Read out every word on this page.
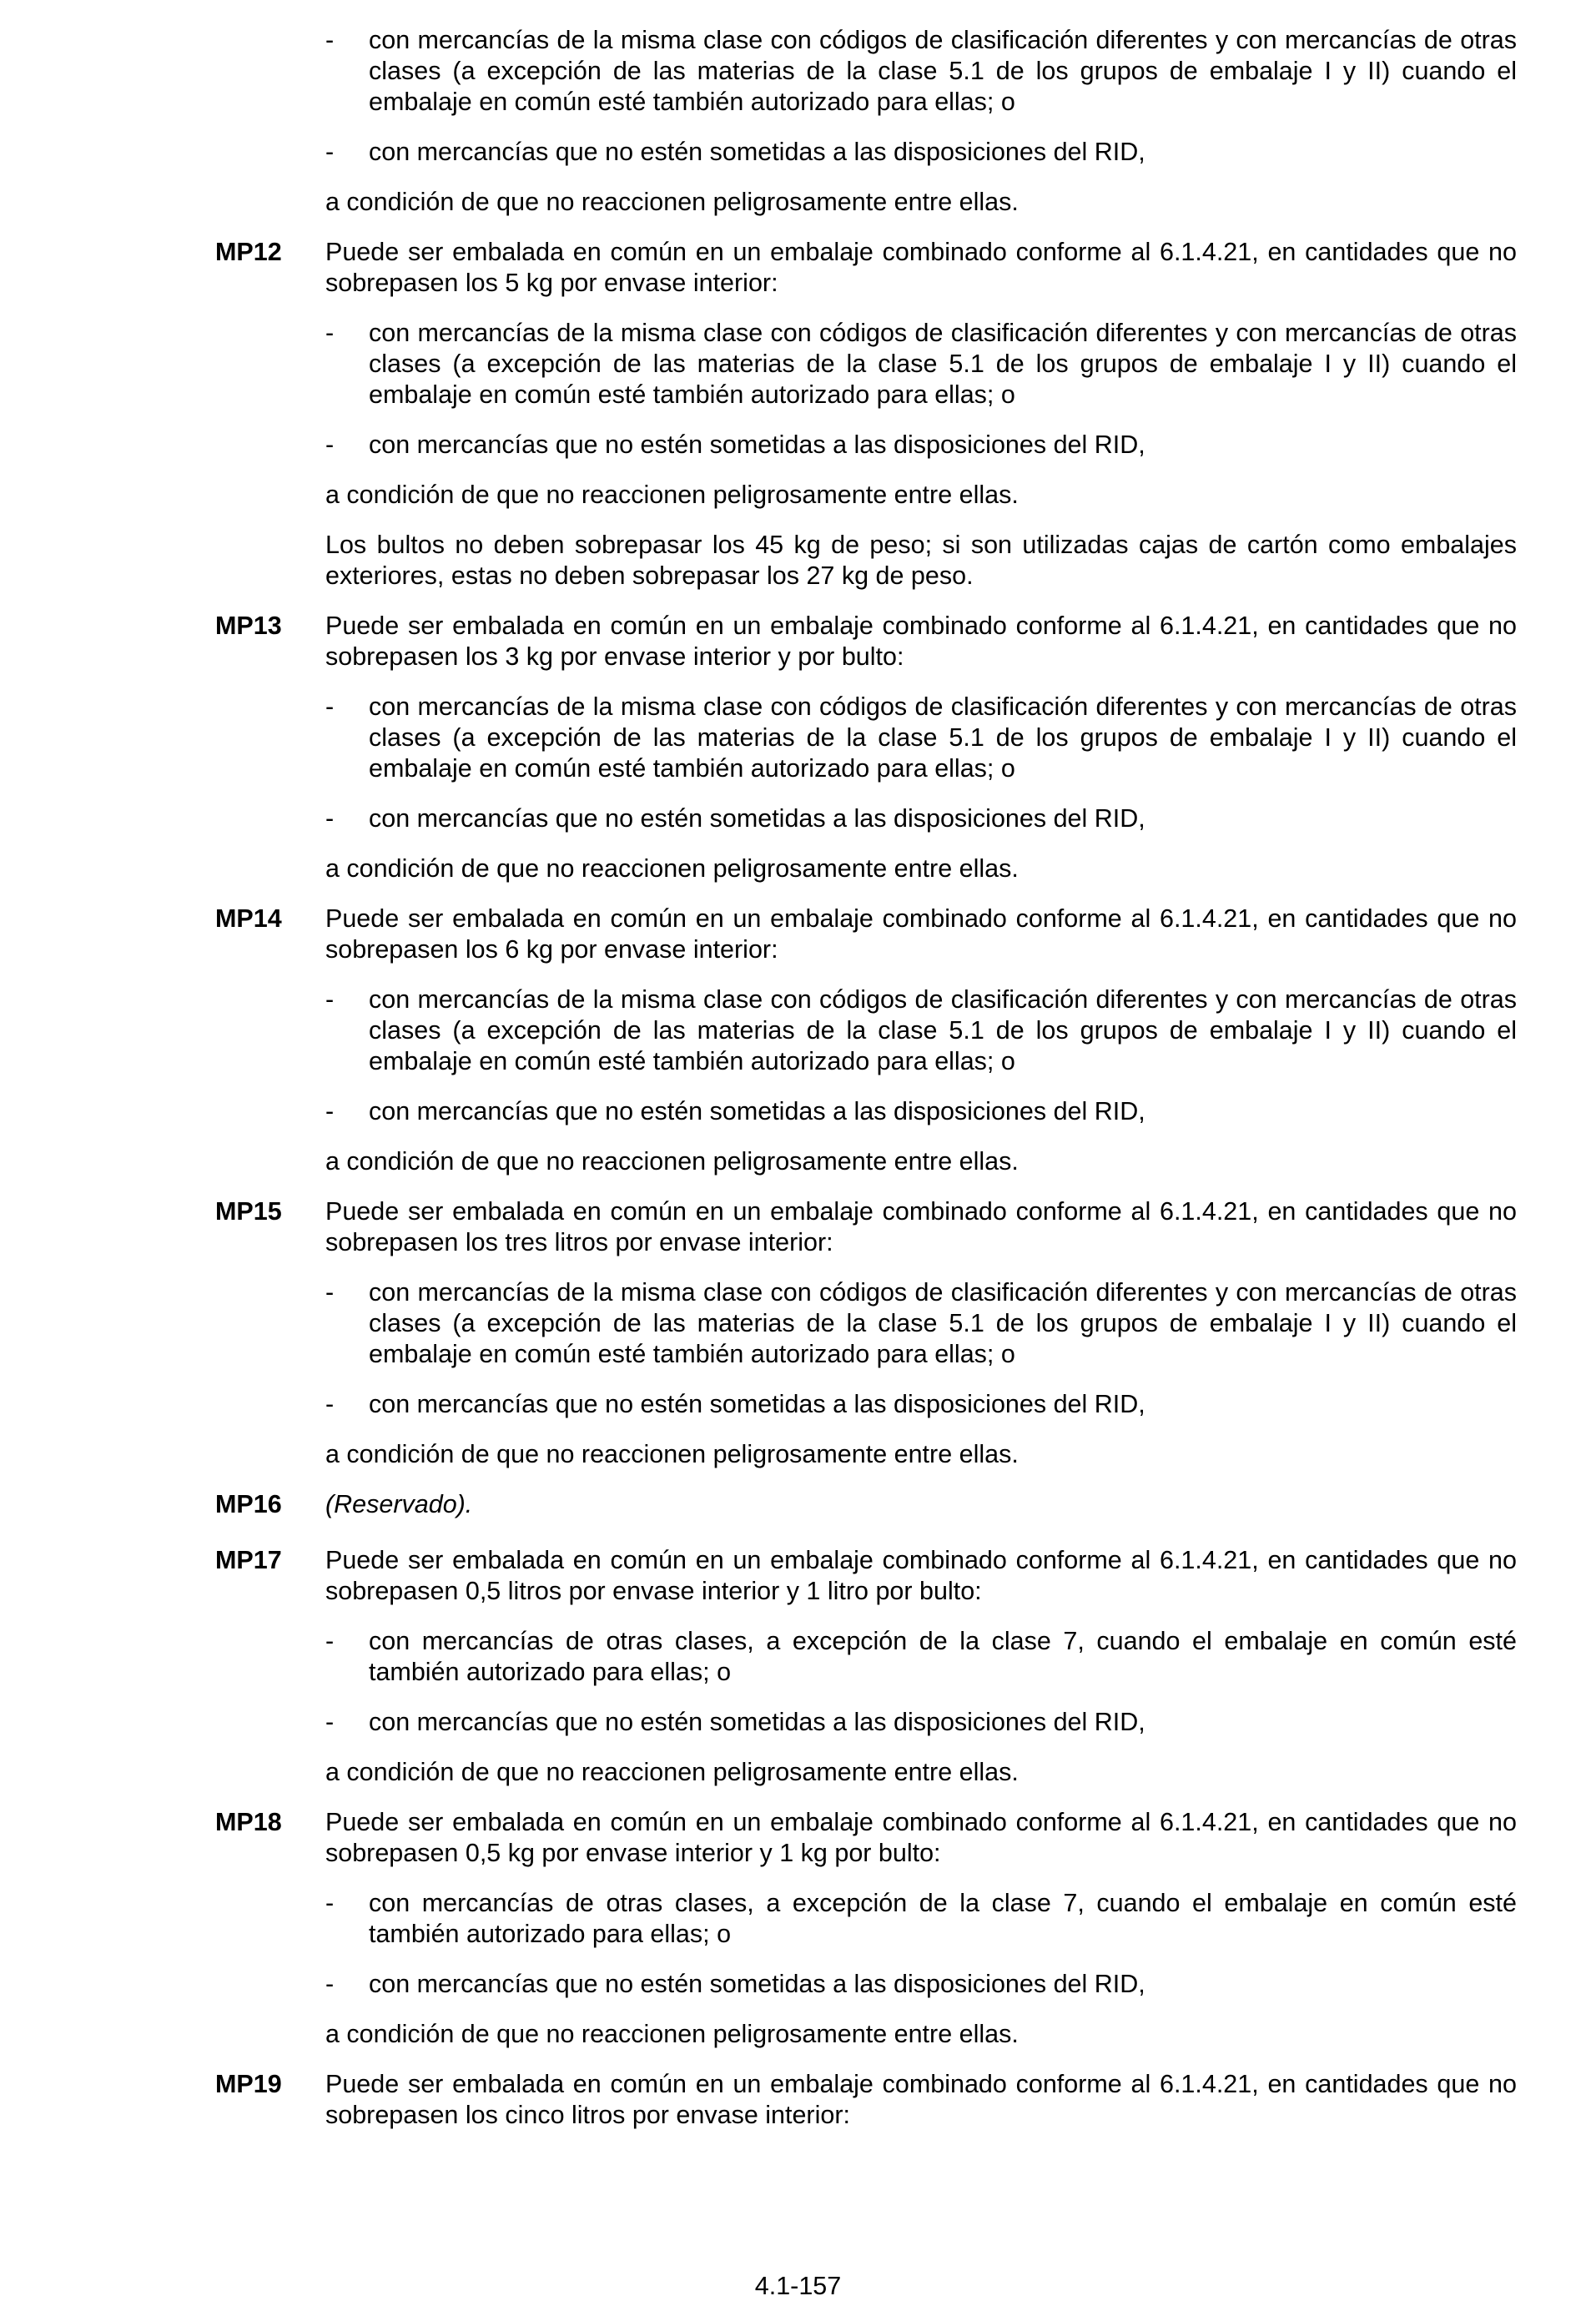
- con mercancías de la misma clase con códigos de clasificación diferentes y con mercancías de otras clases (a excepción de las materias de la clase 5.1 de los grupos de embalaje I y II) cuando el embalaje en común esté también autorizado para ellas; o
- con mercancías que no estén sometidas a las disposiciones del RID,

a condición de que no reaccionen peligrosamente entre ellas.

MP12 Puede ser embalada en común en un embalaje combinado conforme al 6.1.4.21, en cantidades que no sobrepasen los 5 kg por envase interior:

- con mercancías de la misma clase con códigos de clasificación diferentes y con mercancías de otras clases (a excepción de las materias de la clase 5.1 de los grupos de embalaje I y II) cuando el embalaje en común esté también autorizado para ellas; o
- con mercancías que no estén sometidas a las disposiciones del RID,

a condición de que no reaccionen peligrosamente entre ellas.

Los bultos no deben sobrepasar los 45 kg de peso; si son utilizadas cajas de cartón como embalajes exteriores, estas no deben sobrepasar los 27 kg de peso.

MP13 Puede ser embalada en común en un embalaje combinado conforme al 6.1.4.21, en cantidades que no sobrepasen los 3 kg por envase interior y por bulto:

- con mercancías de la misma clase con códigos de clasificación diferentes y con mercancías de otras clases (a excepción de las materias de la clase 5.1 de los grupos de embalaje I y II) cuando el embalaje en común esté también autorizado para ellas; o
- con mercancías que no estén sometidas a las disposiciones del RID,

a condición de que no reaccionen peligrosamente entre ellas.

MP14 Puede ser embalada en común en un embalaje combinado conforme al 6.1.4.21, en cantidades que no sobrepasen los 6 kg por envase interior:

- con mercancías de la misma clase con códigos de clasificación diferentes y con mercancías de otras clases (a excepción de las materias de la clase 5.1 de los grupos de embalaje I y II) cuando el embalaje en común esté también autorizado para ellas; o
- con mercancías que no estén sometidas a las disposiciones del RID,

a condición de que no reaccionen peligrosamente entre ellas.

MP15 Puede ser embalada en común en un embalaje combinado conforme al 6.1.4.21, en cantidades que no sobrepasen los tres litros por envase interior:

- con mercancías de la misma clase con códigos de clasificación diferentes y con mercancías de otras clases (a excepción de las materias de la clase 5.1 de los grupos de embalaje I y II) cuando el embalaje en común esté también autorizado para ellas; o
- con mercancías que no estén sometidas a las disposiciones del RID,

a condición de que no reaccionen peligrosamente entre ellas.

MP16 (Reservado).

MP17 Puede ser embalada en común en un embalaje combinado conforme al 6.1.4.21, en cantidades que no sobrepasen 0,5 litros por envase interior y 1 litro por bulto:

- con mercancías de otras clases, a excepción de la clase 7, cuando el embalaje en común esté también autorizado para ellas; o
- con mercancías que no estén sometidas a las disposiciones del RID,

a condición de que no reaccionen peligrosamente entre ellas.

MP18 Puede ser embalada en común en un embalaje combinado conforme al 6.1.4.21, en cantidades que no sobrepasen 0,5 kg por envase interior y 1 kg por bulto:

- con mercancías de otras clases, a excepción de la clase 7, cuando el embalaje en común esté también autorizado para ellas; o
- con mercancías que no estén sometidas a las disposiciones del RID,

a condición de que no reaccionen peligrosamente entre ellas.

MP19 Puede ser embalada en común en un embalaje combinado conforme al 6.1.4.21, en cantidades que no sobrepasen los cinco litros por envase interior:

4.1-157
